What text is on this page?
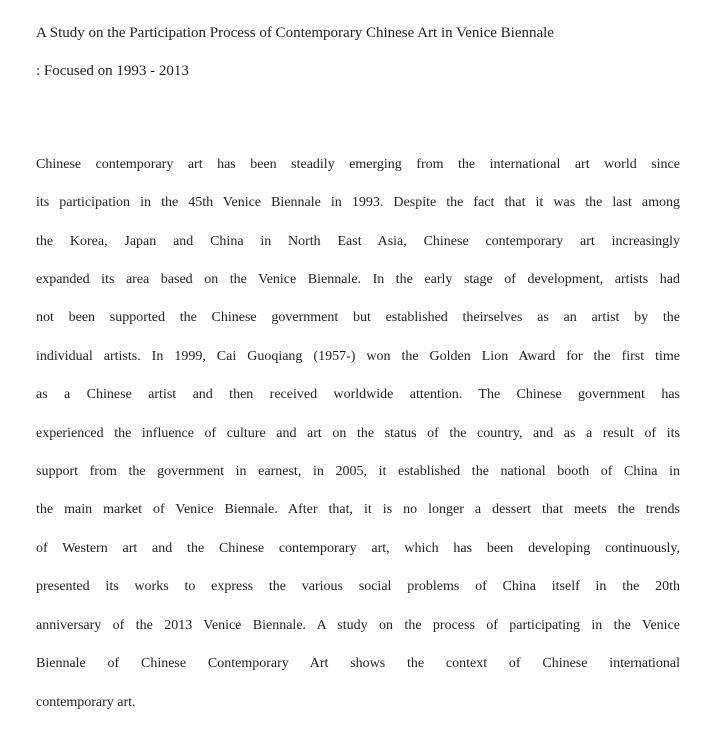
A Study on the Participation Process of Contemporary Chinese Art in Venice Biennale
: Focused on 1993 - 2013
Chinese contemporary art has been steadily emerging from the international art world since
its participation in the 45th Venice Biennale in 1993. Despite the fact that it was the last among
the Korea, Japan and China in North East Asia, Chinese contemporary art increasingly
expanded its area based on the Venice Biennale. In the early stage of development, artists had
not been supported the Chinese government but established theirselves as an artist by the
individual artists. In 1999, Cai Guoqiang (1957-) won the Golden Lion Award for the first time
as a Chinese artist and then received worldwide attention. The Chinese government has
experienced the influence of culture and art on the status of the country, and as a result of its
support from the government in earnest, in 2005, it established the national booth of China in
the main market of Venice Biennale. After that, it is no longer a dessert that meets the trends
of Western art and the Chinese contemporary art, which has been developing continuously,
presented its works to express the various social problems of China itself in the 20th
anniversary of the 2013 Venice Biennale. A study on the process of participating in the Venice
Biennale of Chinese Contemporary Art shows the context of Chinese international
contemporary art.
